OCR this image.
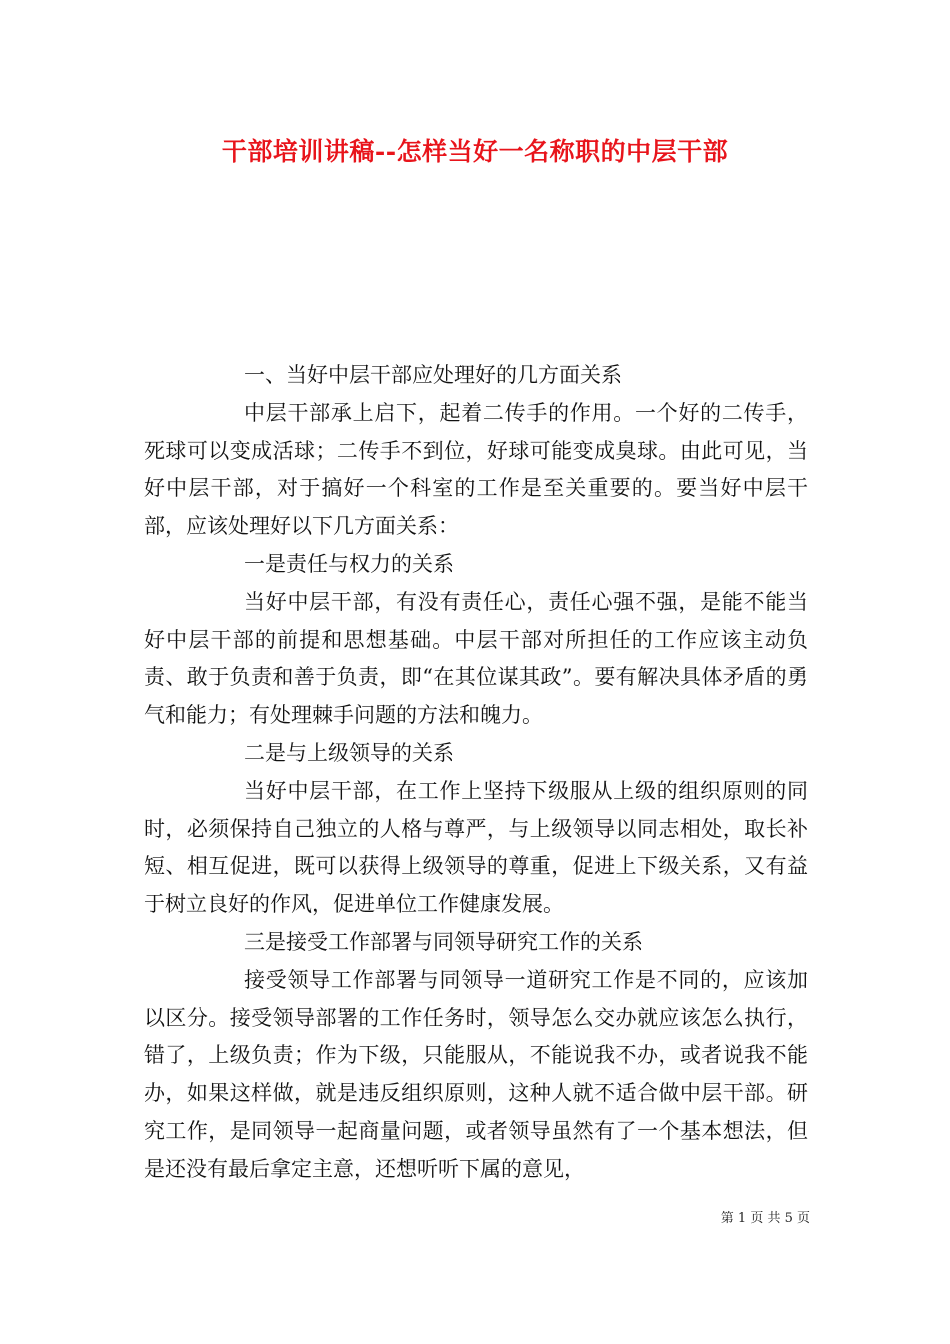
干部培训讲稿--怎样当好一名称职的中层干部

一、当好中层干部应处理好的几方面关系

中层干部承上启下，起着二传手的作用。一个好的二传手，死球可以变成活球；二传手不到位，好球可能变成臭球。由此可见，当好中层干部，对于搞好一个科室的工作是至关重要的。要当好中层干部，应该处理好以下几方面关系：

一是责任与权力的关系

当好中层干部，有没有责任心，责任心强不强，是能不能当好中层干部的前提和思想基础。中层干部对所担任的工作应该主动负责、敢于负责和善于负责，即“在其位谋其政”。要有解决具体矛盾的勇气和能力；有处理棘手问题的方法和魄力。

二是与上级领导的关系

当好中层干部，在工作上坚持下级服从上级的组织原则的同时，必须保持自己独立的人格与尊严，与上级领导以同志相处，取长补短、相互促进，既可以获得上级领导的尊重，促进上下级关系，又有益于树立良好的作风，促进单位工作健康发展。

三是接受工作部署与同领导研究工作的关系

接受领导工作部署与同领导一道研究工作是不同的，应该加以区分。接受领导部署的工作任务时，领导怎么交办就应该怎么执行，错了，上级负责；作为下级，只能服从，不能说我不办，或者说我不能办，如果这样做，就是违反组织原则，这种人就不适合做中层干部。研究工作，是同领导一起商量问题，或者领导虽然有了一个基本想法，但是还没有最后拿定主意，还想听听下属的意见，

第 1 页 共 5 页
